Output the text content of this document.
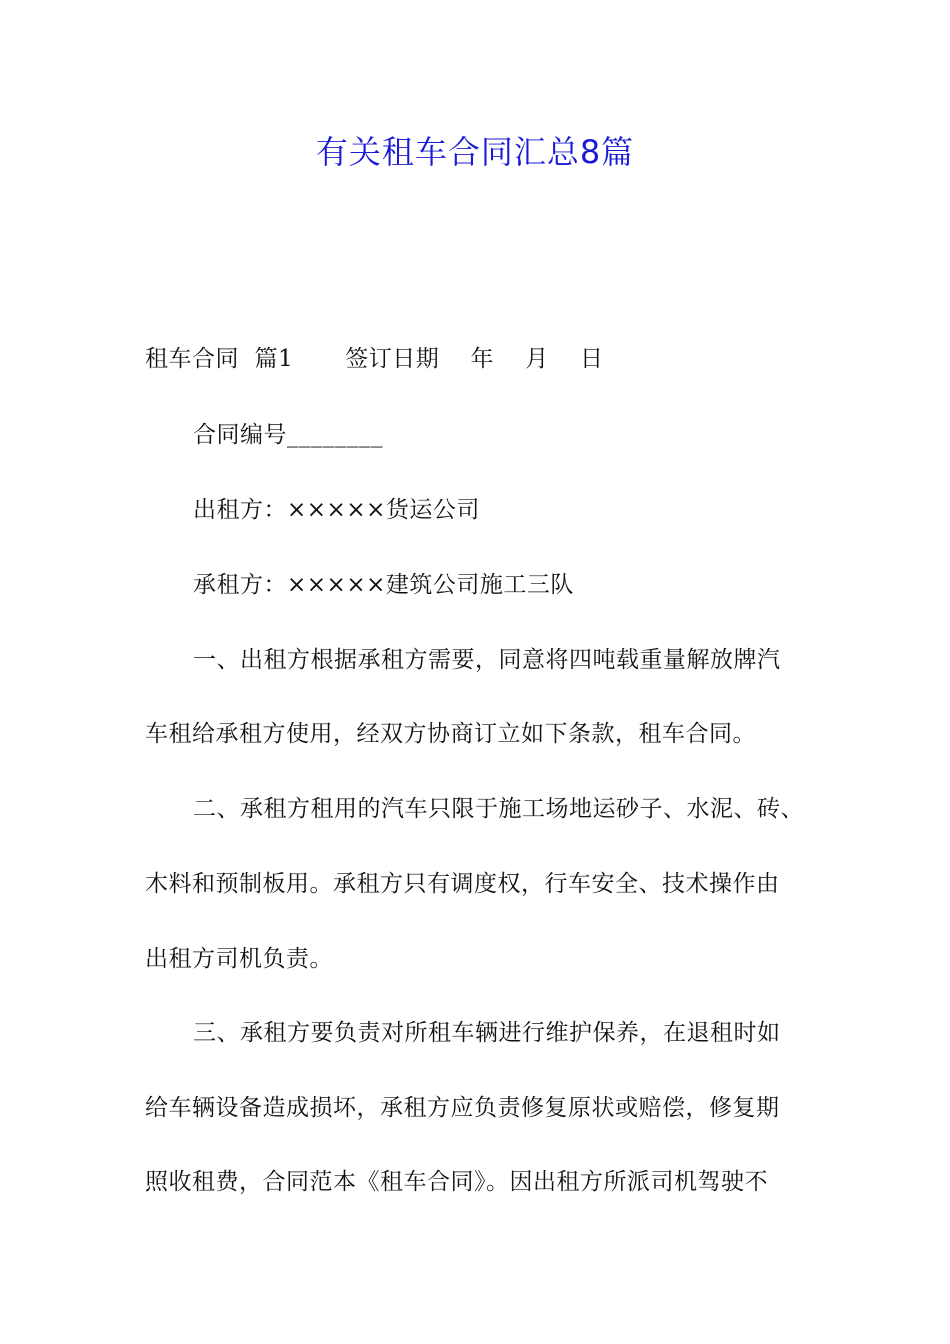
有关租车合同汇总8篇
租车合同  篇1 签订日期    年    月    日
合同编号________
出租方：×××××货运公司
承租方：×××××建筑公司施工三队
一、出租方根据承租方需要，同意将四吨载重量解放牌汽
车租给承租方使用，经双方协商订立如下条款，租车合同。
二、承租方租用的汽车只限于施工场地运砂子、水泥、砖、
木料和预制板用。承租方只有调度权，行车安全、技术操作由
出租方司机负责。
三、承租方要负责对所租车辆进行维护保养，在退租时如
给车辆设备造成损坏，承租方应负责修复原状或赔偿，修复期
照收租费，合同范本《租车合同》。因出租方所派司机驾驶不
